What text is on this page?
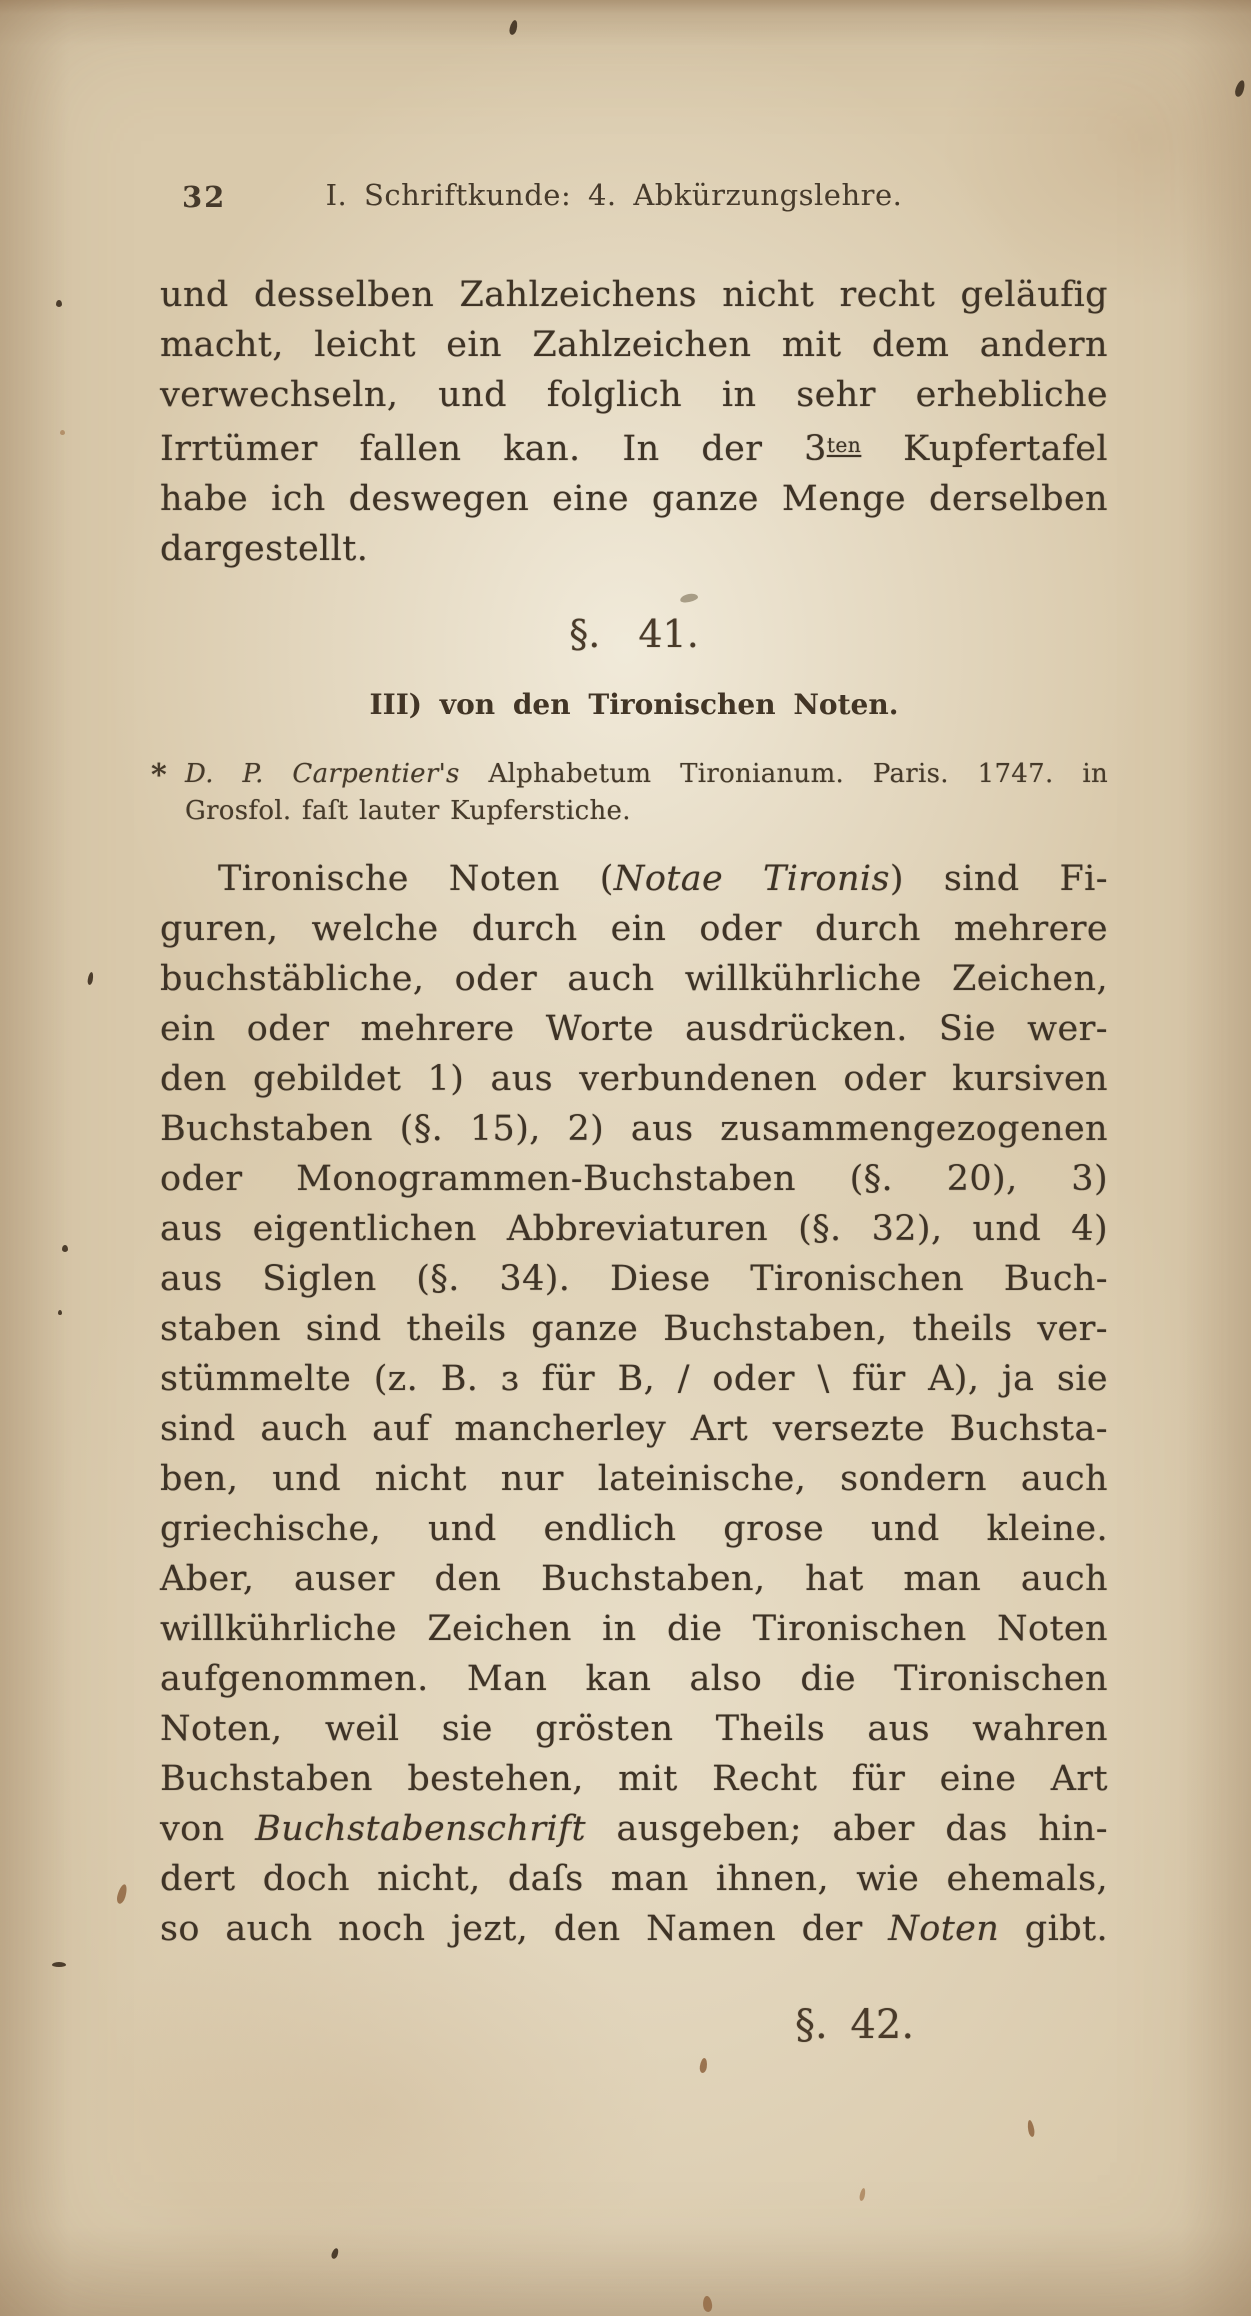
32	I. Schriftkunde: 4. Abkürzungslehre.
und desselben Zahlzeichens nicht recht geläufig
macht, leicht ein Zahlzeichen mit dem andern
verwechseln, und folglich in sehr erhebliche
Irrtümer fallen kan. In der $3^{ten}$ Kupfertafel
habe ich deswegen eine ganze Menge derselben
dargestellt.
§. 41.
III) von den Tironischen Noten.
* D. P. Carpentier's Alphabetum Tironianum. Paris. 1747. in
Grosfol. faſt lauter Kupferstiche.
Tironische Noten (Notae Tironis) sind Fi-
guren, welche durch ein oder durch mehrere
buchstäbliche, oder auch willkührliche Zeichen,
ein oder mehrere Worte ausdrücken. Sie wer-
den gebildet 1) aus verbundenen oder kursiven
Buchstaben (§. 15), 2) aus zusammengezogenen
oder Monogrammen-Buchstaben (§. 20), 3)
aus eigentlichen Abbreviaturen (§. 32), und 4)
aus Siglen (§. 34). Diese Tironischen Buch-
staben sind theils ganze Buchstaben, theils ver-
stümmelte (z. B. ɜ für B, / oder \ für A), ja sie
sind auch auf mancherley Art versezte Buchsta-
ben, und nicht nur lateinische, sondern auch
griechische, und endlich grose und kleine.
Aber, auser den Buchstaben, hat man auch
willkührliche Zeichen in die Tironischen Noten
aufgenommen. Man kan also die Tironischen
Noten, weil sie grösten Theils aus wahren
Buchstaben bestehen, mit Recht für eine Art
von Buchstabenschrift ausgeben; aber das hin-
dert doch nicht, daſs man ihnen, wie ehemals,
so auch noch jezt, den Namen der Noten gibt.
§. 42.
